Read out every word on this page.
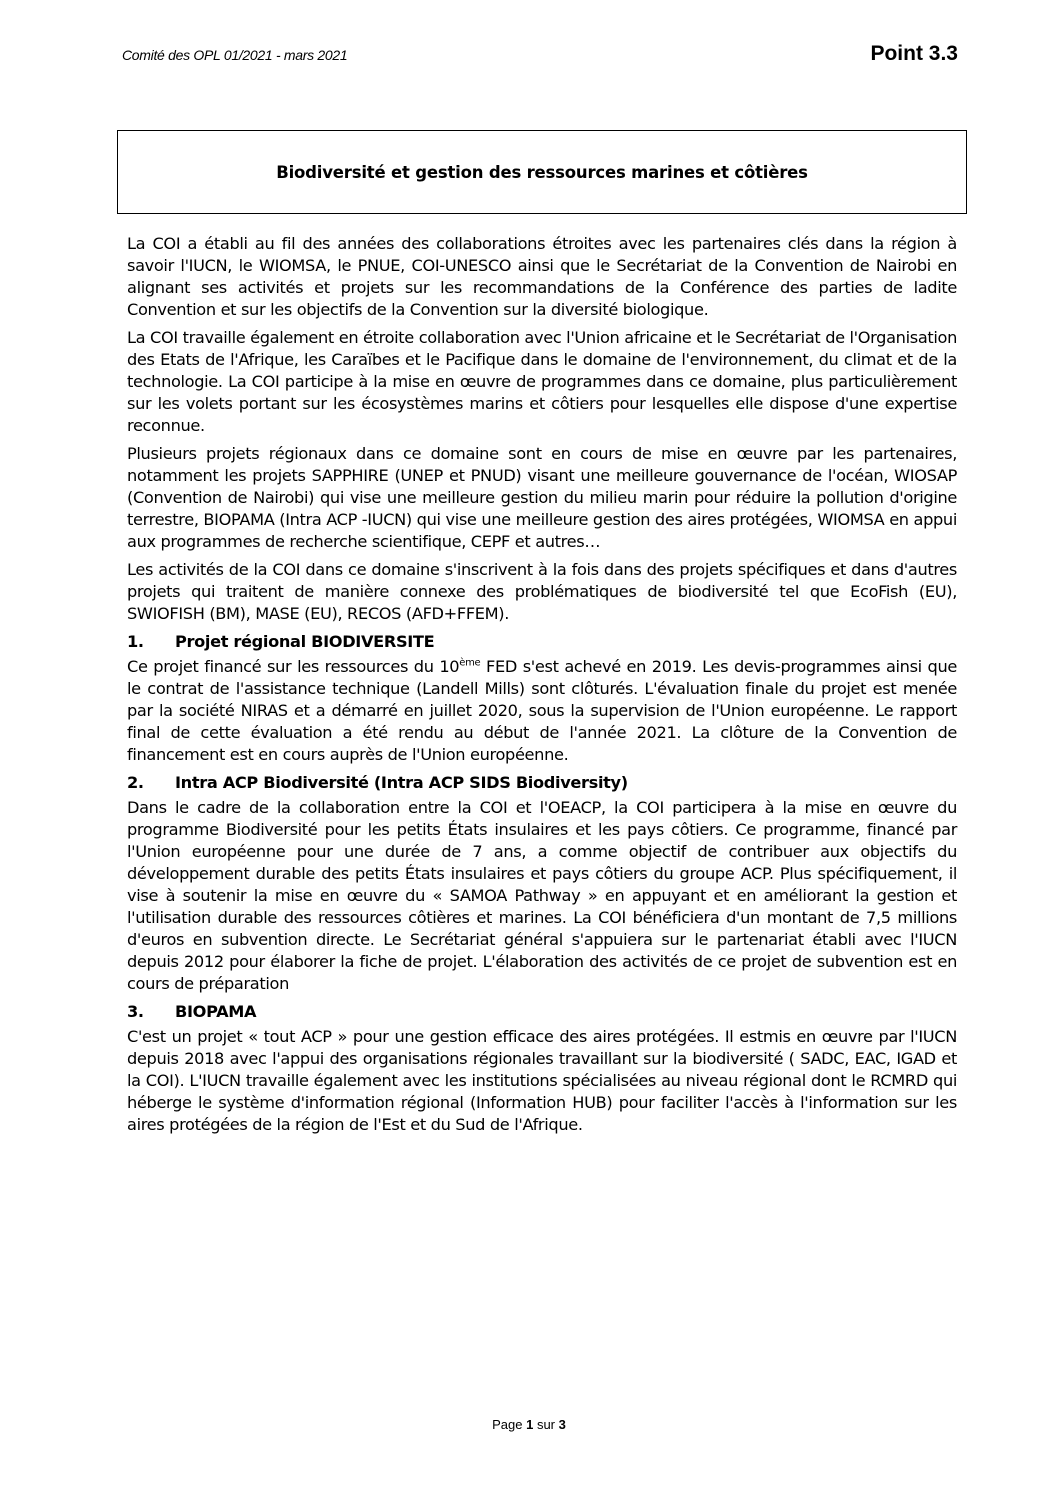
Comité des OPL 01/2021 - mars 2021	Point 3.3
Biodiversité et gestion des ressources marines et côtières

La COI a établi au fil des années des collaborations étroites avec les partenaires clés dans la région à savoir l'IUCN, le WIOMSA, le PNUE, COI-UNESCO ainsi que le Secrétariat de la Convention de Nairobi en alignant ses activités et projets sur les recommandations de la Conférence des parties de ladite Convention et sur les objectifs de la Convention sur la diversité biologique.

La COI travaille également en étroite collaboration avec l'Union africaine et le Secrétariat de l'Organisation des Etats de l'Afrique, les Caraïbes et le Pacifique dans le domaine de l'environnement, du climat et de la technologie. La COI participe à la mise en œuvre de programmes dans ce domaine, plus particulièrement sur les volets portant sur les écosystèmes marins et côtiers pour lesquelles elle dispose d'une expertise reconnue.

Plusieurs projets régionaux dans ce domaine sont en cours de mise en œuvre par les partenaires, notamment les projets SAPPHIRE (UNEP et PNUD) visant une meilleure gouvernance de l'océan, WIOSAP (Convention de Nairobi) qui vise une meilleure gestion du milieu marin pour réduire la pollution d'origine terrestre, BIOPAMA (Intra ACP -IUCN) qui vise une meilleure gestion des aires protégées, WIOMSA en appui aux programmes de recherche scientifique, CEPF et autres…

Les activités de la COI dans ce domaine s'inscrivent à la fois dans des projets spécifiques et dans d'autres projets qui traitent de manière connexe des problématiques de biodiversité tel que EcoFish (EU), SWIOFISH (BM), MASE (EU), RECOS (AFD+FFEM).

1.	Projet régional BIODIVERSITE

Ce projet financé sur les ressources du 10ème FED s'est achevé en 2019. Les devis-programmes ainsi que le contrat de l'assistance technique (Landell Mills) sont clôturés. L'évaluation finale du projet est menée par la société NIRAS et a démarré en juillet 2020, sous la supervision de l'Union européenne. Le rapport final de cette évaluation a été rendu au début de l'année 2021. La clôture de la Convention de financement est en cours auprès de l'Union européenne.

2.	Intra ACP Biodiversité (Intra ACP SIDS Biodiversity)

Dans le cadre de la collaboration entre la COI et l'OEACP, la COI participera à la mise en œuvre du programme Biodiversité pour les petits États insulaires et les pays côtiers. Ce programme, financé par l'Union européenne pour une durée de 7 ans, a comme objectif de contribuer aux objectifs du développement durable des petits États insulaires et pays côtiers du groupe ACP. Plus spécifiquement, il vise à soutenir la mise en œuvre du « SAMOA Pathway » en appuyant et en améliorant la gestion et l'utilisation durable des ressources côtières et marines. La COI bénéficiera d'un montant de 7,5 millions d'euros en subvention directe. Le Secrétariat général s'appuiera sur le partenariat établi avec l'IUCN depuis 2012 pour élaborer la fiche de projet. L'élaboration des activités de ce projet de subvention est en cours de préparation

3.	BIOPAMA

C'est un projet « tout ACP » pour une gestion efficace des aires protégées. Il estmis en œuvre par l'IUCN depuis 2018 avec l'appui des organisations régionales travaillant sur la biodiversité ( SADC, EAC, IGAD et la COI). L'IUCN travaille également avec les institutions spécialisées au niveau régional dont le RCMRD qui héberge le système d'information régional (Information HUB) pour faciliter l'accès à l'information sur les aires protégées de la région de l'Est et du Sud de l'Afrique.

Page 1 sur 3
